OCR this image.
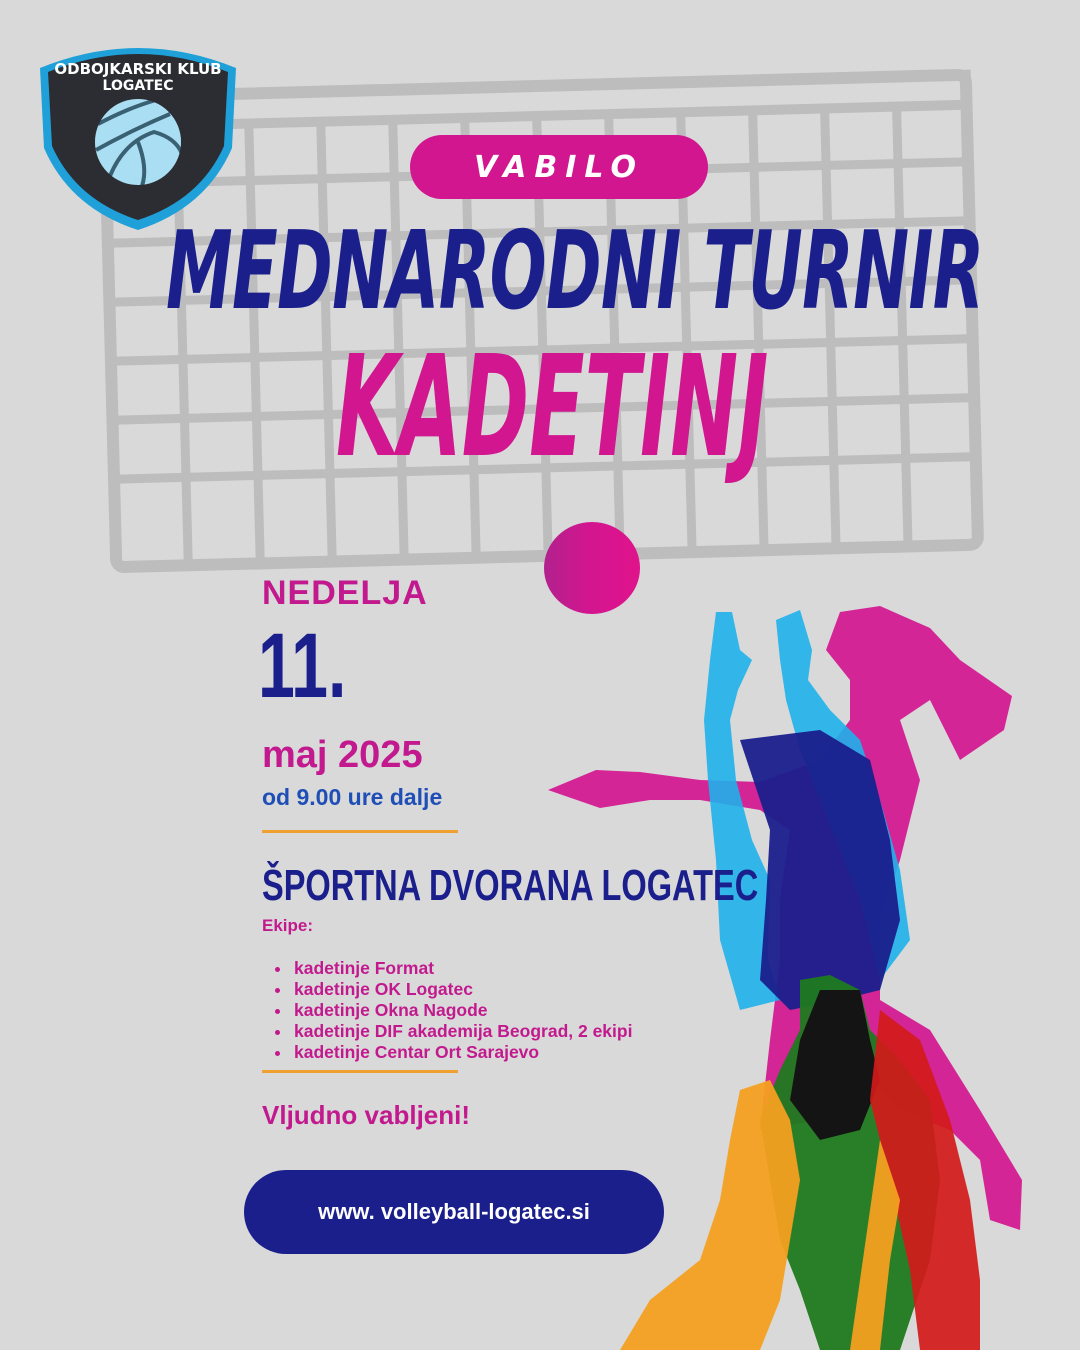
ODBOJKARSKI KLUB
LOGATEC
VABILO
MEDNARODNI TURNIR
KADETINJ
NEDELJA
11.
maj 2025
od 9.00 ure dalje
ŠPORTNA DVORANA LOGATEC
Ekipe:
• kadetinje Format
• kadetinje OK Logatec
• kadetinje Okna Nagode
• kadetinje DIF akademija Beograd, 2 ekipi
• kadetinje Centar Ort Sarajevo
Vljudno vabljeni!
www. volleyball-logatec.si
